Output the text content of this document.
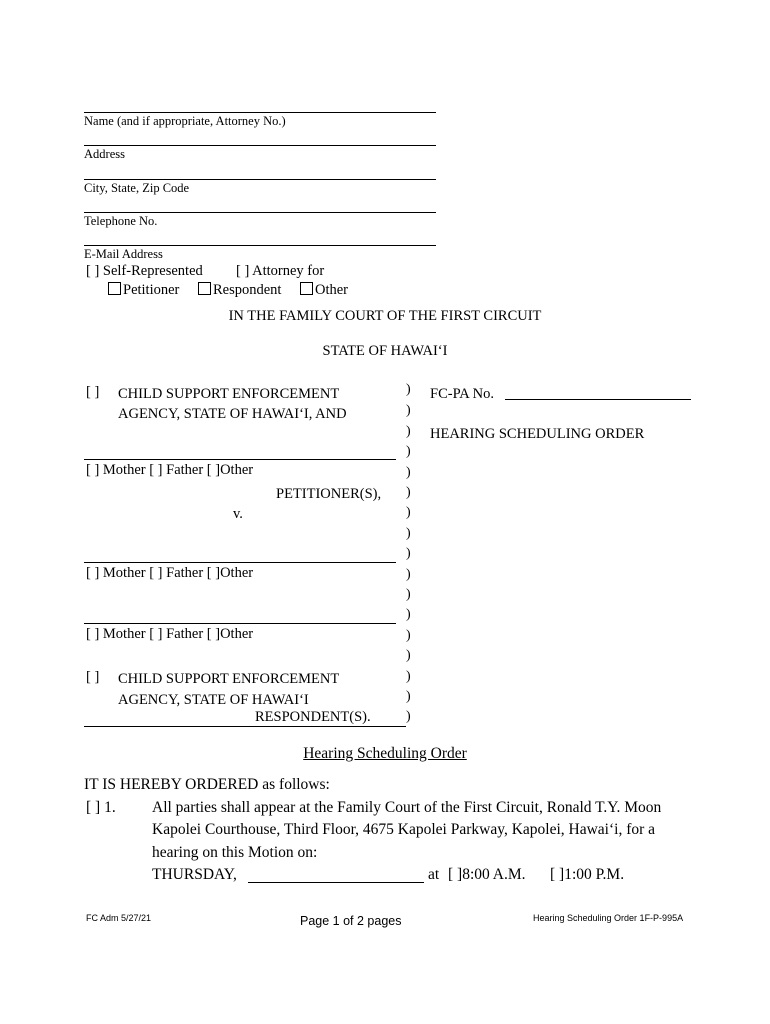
Name (and if appropriate, Attorney No.)
Address
City, State, Zip Code
Telephone No.
E-Mail Address
[ ] Self-Represented [ ] Attorney for
Petitioner	Respondent	Other
IN THE FAMILY COURT OF THE FIRST CIRCUIT
STATE OF HAWAI‘I
[ ] CHILD SUPPORT ENFORCEMENT
AGENCY, STATE OF HAWAI‘I, AND
[ ] Mother [ ] Father [ ]Other
PETITIONER(S),
v.
[ ] Mother [ ] Father [ ]Other
[ ] Mother [ ] Father [ ]Other
[ ] CHILD SUPPORT ENFORCEMENT
AGENCY, STATE OF HAWAI‘I
RESPONDENT(S).
)
)
)
)
)
)
)
)
)
)
)
)
)
)
)
)
)
FC-PA No.
HEARING SCHEDULING ORDER
Hearing Scheduling Order
IT IS HEREBY ORDERED as follows:
[ ] 1. All parties shall appear at the Family Court of the First Circuit, Ronald T.Y. Moon
Kapolei Courthouse, Third Floor, 4675 Kapolei Parkway, Kapolei, Hawai‘i, for a
hearing on this Motion on:
THURSDAY,	at [ ]8:00 A.M. [ ]1:00 P.M.
FC Adm 5/27/21	Page 1 of 2 pages	Hearing Scheduling Order 1F-P-995A
